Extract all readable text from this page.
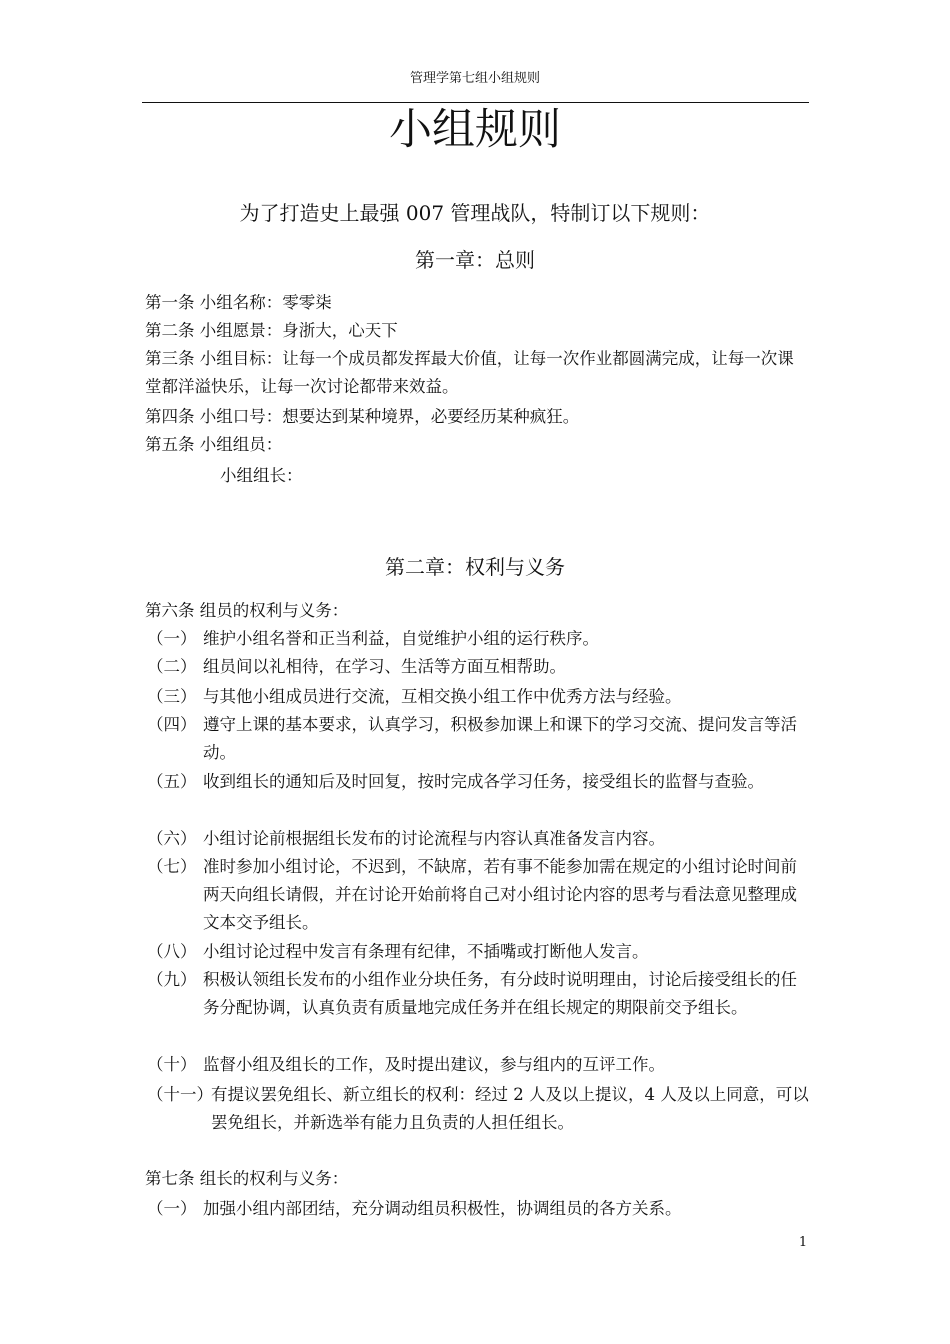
管理学第七组小组规则
小组规则
为了打造史上最强 007 管理战队，特制订以下规则：
第一章：总则
第一条 小组名称：零零柒
第二条 小组愿景：身浙大，心天下
第三条 小组目标：让每一个成员都发挥最大价值，让每一次作业都圆满完成，让每一次课堂都洋溢快乐，让每一次讨论都带来效益。
第四条 小组口号：想要达到某种境界，必要经历某种疯狂。
第五条 小组组员：
小组组长：
第二章：权利与义务
第六条 组员的权利与义务：
（一） 维护小组名誉和正当利益，自觉维护小组的运行秩序。
（二） 组员间以礼相待，在学习、生活等方面互相帮助。
（三） 与其他小组成员进行交流，互相交换小组工作中优秀方法与经验。
（四） 遵守上课的基本要求，认真学习，积极参加课上和课下的学习交流、提问发言等活动。
（五） 收到组长的通知后及时回复，按时完成各学习任务，接受组长的监督与查验。
（六） 小组讨论前根据组长发布的讨论流程与内容认真准备发言内容。
（七） 准时参加小组讨论，不迟到，不缺席，若有事不能参加需在规定的小组讨论时间前两天向组长请假，并在讨论开始前将自己对小组讨论内容的思考与看法意见整理成文本交予组长。
（八） 小组讨论过程中发言有条理有纪律，不插嘴或打断他人发言。
（九） 积极认领组长发布的小组作业分块任务，有分歧时说明理由，讨论后接受组长的任 务分配协调，认真负责有质量地完成任务并在组长规定的期限前交予组长。
（十） 监督小组及组长的工作，及时提出建议，参与组内的互评工作。
（十一）
有提议罢免组长、新立组长的权利：经过 2 人及以上提议，4 人及以上同意，可以罢免组长，并新选举有能力且负责的人担任组长。
第七条 组长的权利与义务：
（一） 加强小组内部团结，充分调动组员积极性，协调组员的各方关系。
1
